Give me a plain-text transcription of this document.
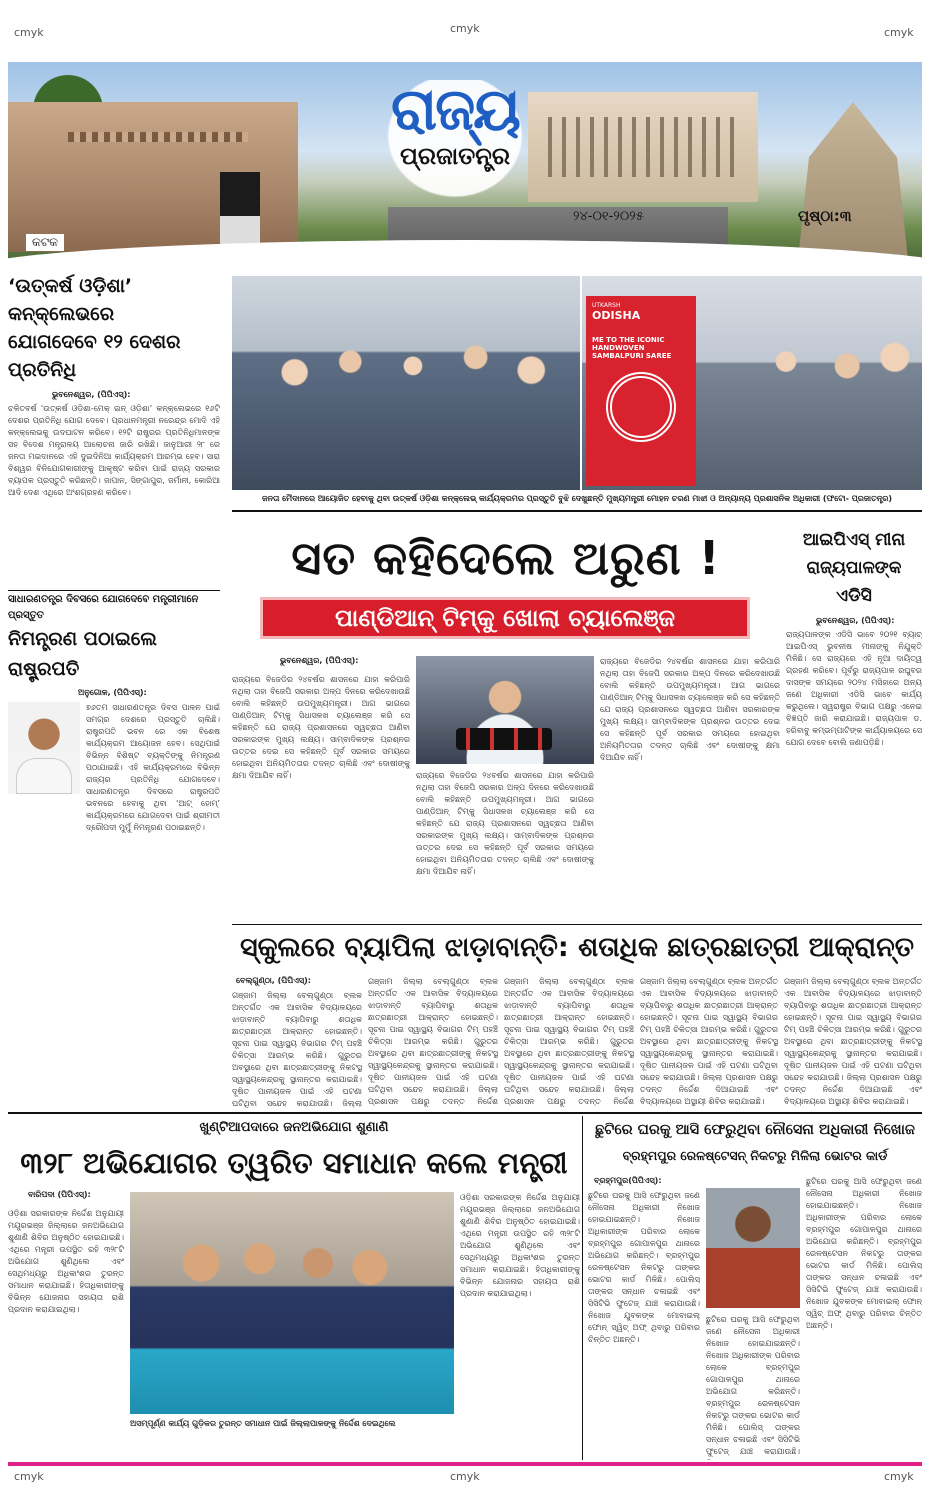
cmyk	cmyk	cmyk
cmyk	cmyk	cmyk
ରାଜ୍ୟ
ପ୍ରଜାତନ୍ତ୍ର
୨୪-୦୧-୨୦୨୫	ପୃଷ୍ଠା:୩
କଟକ
‘ଉତ୍କର୍ଷ ଓଡ଼ିଶା’ କନ୍‌କ୍ଲେଭରେ
ଯୋଗଦେବେ ୧୨ ଦେଶର ପ୍ରତିନିଧି
ଭୁବନେଶ୍ୱର, (ପିପିଏସ୍):
ଚଳିତବର୍ଷ ‘ଉତ୍କର୍ଷ ଓଡ଼ିଶା-ମେକ୍ ଇନ୍ ଓଡ଼ିଶା’ କନ୍‌କ୍ଲେଭରେ ୧୬ଟି ଦେଶର ପ୍ରତିନିଧି ଯୋଗ ଦେବେ। ପ୍ରଧାନମନ୍ତ୍ରୀ ନରେନ୍ଦ୍ର ମୋଦି ଏହି କନ୍‌କ୍ଲେଭକୁ ଉଦଘାଟନ କରିବେ। ୧୨ଟି ରାଷ୍ଟ୍ରର ପ୍ରତିନିଧିମାନଙ୍କ ସହ ବିଦେଶ ମନ୍ତ୍ରାଳୟ ଆଲୋଚନା ଜାରି ରଖିଛି। ଜାନୁଆରୀ ୨୮ ରେ ଜନତା ମଇଦାନରେ ଏହି ଦୁଇଦିନିଆ କାର୍ଯ୍ୟକ୍ରମ ଆରମ୍ଭ ହେବ। ସାରା ବିଶ୍ୱର ବିନିଯୋଗକାରୀଙ୍କୁ ଆକୃଷ୍ଟ କରିବା ପାଇଁ ରାଜ୍ୟ ସରକାର ବ୍ୟାପକ ପ୍ରସ୍ତୁତି କରିଛନ୍ତି। ଜାପାନ, ସିଙ୍ଗାପୁର, ଜର୍ମାନୀ, କୋରିଆ ଆଦି ଦେଶ ଏଥିରେ ଅଂଶଗ୍ରହଣ କରିବେ।
UTKARSH
ODISHA
ME TO THE ICONIC
HANDWOVEN
SAMBALPURI SAREE
ଜନତା ମୈଦାନରେ ଆୟୋଜିତ ହେବାକୁ ଥିବା ଉତ୍କର୍ଷ ଓଡ଼ିଶା କନ୍‌କ୍ଲେଭ୍ କାର୍ଯ୍ୟକ୍ରମର ପ୍ରସ୍ତୁତି ବୁଝି ଦେଖୁଛନ୍ତି ମୁଖ୍ୟମନ୍ତ୍ରୀ ମୋହନ ଚରଣ ମାଝୀ ଓ ଅନ୍ୟାନ୍ୟ ପ୍ରଶାସନିକ ଅଧିକାରୀ (ଫଟୋ- ପ୍ରଜାତନ୍ତ୍ର)
ସତ କହିଦେଲେ ଅରୁଣ !
ପାଣ୍ଡିଆନ୍ ଟିମ୍‌କୁ ଖୋଲା ଚ୍ୟାଲେଞ୍ଜ
ଭୁବନେଶ୍ୱର, (ପିପିଏସ୍):
ରାଜ୍ୟରେ ବିଜେଡିର ୨୪ବର୍ଷର ଶାସନରେ ଯାହା କରିପାରି ନଥିଲା ତାହା ବିଜେପି ସରକାର ଅଳ୍ପ ଦିନରେ କରିଦେଖାଉଛି ବୋଲି କହିଛନ୍ତି ଉପମୁଖ୍ୟମନ୍ତ୍ରୀ। ଆଗ ଭାଗରେ ପାଣ୍ଡିଆନ୍ ଟିମ୍‌କୁ ସିଧାସଳଖ ଚ୍ୟାଲେଞ୍ଜ କରି ସେ କହିଛନ୍ତି ଯେ ରାଜ୍ୟ ପ୍ରଶାସନରେ ସ୍ୱଚ୍ଛତା ଆଣିବା ସରକାରଙ୍କ ମୁଖ୍ୟ ଲକ୍ଷ୍ୟ। ସାମ୍ବାଦିକଙ୍କ ପ୍ରଶ୍ନର ଉତ୍ତର ଦେଇ ସେ କହିଛନ୍ତି ପୂର୍ବ ସରକାର ସମୟରେ ହୋଇଥିବା ଅନିୟମିତତାର ତଦନ୍ତ ଚାଲିଛି ଏବଂ ଦୋଷୀଙ୍କୁ କ୍ଷମା ଦିଆଯିବ ନାହିଁ।	ରାଜ୍ୟରେ ବିଜେଡିର ୨୪ବର୍ଷର ଶାସନରେ ଯାହା କରିପାରି ନଥିଲା ତାହା ବିଜେପି ସରକାର ଅଳ୍ପ ଦିନରେ କରିଦେଖାଉଛି ବୋଲି କହିଛନ୍ତି ଉପମୁଖ୍ୟମନ୍ତ୍ରୀ। ଆଗ ଭାଗରେ ପାଣ୍ଡିଆନ୍ ଟିମ୍‌କୁ ସିଧାସଳଖ ଚ୍ୟାଲେଞ୍ଜ କରି ସେ କହିଛନ୍ତି ଯେ ରାଜ୍ୟ ପ୍ରଶାସନରେ ସ୍ୱଚ୍ଛତା ଆଣିବା ସରକାରଙ୍କ ମୁଖ୍ୟ ଲକ୍ଷ୍ୟ। ସାମ୍ବାଦିକଙ୍କ ପ୍ରଶ୍ନର ଉତ୍ତର ଦେଇ ସେ କହିଛନ୍ତି ପୂର୍ବ ସରକାର ସମୟରେ ହୋଇଥିବା ଅନିୟମିତତାର ତଦନ୍ତ ଚାଲିଛି ଏବଂ ଦୋଷୀଙ୍କୁ କ୍ଷମା ଦିଆଯିବ ନାହିଁ।
ରାଜ୍ୟରେ ବିଜେଡିର ୨୪ବର୍ଷର ଶାସନରେ ଯାହା କରିପାରି ନଥିଲା ତାହା ବିଜେପି ସରକାର ଅଳ୍ପ ଦିନରେ କରିଦେଖାଉଛି ବୋଲି କହିଛନ୍ତି ଉପମୁଖ୍ୟମନ୍ତ୍ରୀ। ଆଗ ଭାଗରେ ପାଣ୍ଡିଆନ୍ ଟିମ୍‌କୁ ସିଧାସଳଖ ଚ୍ୟାଲେଞ୍ଜ କରି ସେ କହିଛନ୍ତି ଯେ ରାଜ୍ୟ ପ୍ରଶାସନରେ ସ୍ୱଚ୍ଛତା ଆଣିବା ସରକାରଙ୍କ ମୁଖ୍ୟ ଲକ୍ଷ୍ୟ। ସାମ୍ବାଦିକଙ୍କ ପ୍ରଶ୍ନର ଉତ୍ତର ଦେଇ ସେ କହିଛନ୍ତି ପୂର୍ବ ସରକାର ସମୟରେ ହୋଇଥିବା ଅନିୟମିତତାର ତଦନ୍ତ ଚାଲିଛି ଏବଂ ଦୋଷୀଙ୍କୁ କ୍ଷମା ଦିଆଯିବ ନାହିଁ।
ଆଇପିଏସ୍ ମୀନା
ରାଜ୍ୟପାଳଙ୍କ ଏଡିସି
ଭୁବନେଶ୍ୱର, (ପିପିଏସ୍):
ରାଜ୍ୟପାଳଙ୍କ ଏଡିସି ଭାବେ ୨୦୨୧ ବ୍ୟାଚ୍ ଆଇପିଏସ୍ ଭୁବନୀଷ ମୀନାଙ୍କୁ ନିଯୁକ୍ତି ମିଳିଛି। ସେ ରାଜ୍ୟରେ ଏହି ନୂଆ ଦାୟିତ୍ୱ ଗ୍ରହଣ କରିବେ। ପୂର୍ବରୁ ରାଜ୍ୟପାଳ ରଘୁବର ଦାସଙ୍କ ସମୟରେ ୨୦୨୪ ମସିହାରେ ଅନ୍ୟ ଜଣେ ଅଧିକାରୀ ଏଡିସି ଭାବେ କାର୍ଯ୍ୟ କରୁଥିଲେ। ସ୍ୱରାଷ୍ଟ୍ର ବିଭାଗ ପକ୍ଷରୁ ଏନେଇ ବିଜ୍ଞପ୍ତି ଜାରି କରାଯାଇଛି। ରାଜ୍ୟପାଳ ଡ. ହରିବାବୁ କମ୍ଭମ୍ପାଟିଙ୍କ କାର୍ଯ୍ୟାଳୟରେ ସେ ଯୋଗ ଦେବେ ବୋଲି ଜଣାପଡ଼ିଛି।
ସାଧାରଣତନ୍ତ୍ର ଦିବସରେ ଯୋଗଦେବେ ମନ୍ତ୍ରୀମାନେ ପ୍ରସ୍ତୁତ
ନିମନ୍ତ୍ରଣ ପଠାଇଲେ ରାଷ୍ଟ୍ରପତି
ଅନୁଗୋଳ, (ପିପିଏସ୍):
୭୬ତମ ସାଧାରଣତନ୍ତ୍ର ଦିବସ ପାଳନ ପାଇଁ ସମଗ୍ର ଦେଶରେ ପ୍ରସ୍ତୁତି ଚାଲିଛି। ରାଷ୍ଟ୍ରପତି ଭବନ ରେ ଏକ ବିଶେଷ କାର୍ଯ୍ୟକ୍ରମ ଆୟୋଜନ ହେବ। ସେଥିପାଇଁ ବିଭିନ୍ନ ବିଶିଷ୍ଟ ବ୍ୟକ୍ତିଙ୍କୁ ନିମନ୍ତ୍ରଣ ପଠାଯାଇଛି। ଏହି କାର୍ଯ୍ୟକ୍ରମରେ ବିଭିନ୍ନ ରାଜ୍ୟର ପ୍ରତିନିଧି ଯୋଗଦେବେ। ସାଧାରଣତନ୍ତ୍ର ଦିବସରେ ରାଷ୍ଟ୍ରପତି ଭବନରେ ହେବାକୁ ଥିବା ‘ଆଟ୍ ହୋମ୍’ କାର୍ଯ୍ୟକ୍ରମରେ ଯୋଗଦେବା ପାଇଁ ଶ୍ରୀମତୀ ଦ୍ରୌପଦୀ ମୁର୍ମୁ ନିମନ୍ତ୍ରଣ ପଠାଇଛନ୍ତି।
ସ୍କୁଲରେ ବ୍ୟାପିଲା ଝାଡ଼ାବାନ୍ତି: ଶତାଧିକ ଛାତ୍ରଛାତ୍ରୀ ଆକ୍ରାନ୍ତ
ବେଲ୍ଗୁଣ୍ଠା, (ପିପିଏସ୍):
ଗଞ୍ଜାମ ଜିଲ୍ଲା ବେଲ୍ଗୁଣ୍ଠା ବ୍ଲକ ଅନ୍ତର୍ଗତ ଏକ ଆବାସିକ ବିଦ୍ୟାଳୟରେ ଝାଡ଼ାବାନ୍ତି ବ୍ୟାପିବାରୁ ଶତାଧିକ ଛାତ୍ରଛାତ୍ରୀ ଆକ୍ରାନ୍ତ ହୋଇଛନ୍ତି। ସୂଚନା ପାଇ ସ୍ୱାସ୍ଥ୍ୟ ବିଭାଗର ଟିମ୍ ପହଞ୍ଚି ଚିକିତ୍ସା ଆରମ୍ଭ କରିଛି। ଗୁରୁତର ଅବସ୍ଥାରେ ଥିବା ଛାତ୍ରଛାତ୍ରୀଙ୍କୁ ନିକଟସ୍ଥ ସ୍ୱାସ୍ଥ୍ୟକେନ୍ଦ୍ରକୁ ସ୍ଥାନାନ୍ତର କରାଯାଇଛି। ଦୂଷିତ ପାନୀୟଜଳ ପାଇଁ ଏହି ଘଟଣା ଘଟିଥିବା ସନ୍ଦେହ କରାଯାଉଛି। ଜିଲ୍ଲା
ଗଞ୍ଜାମ ଜିଲ୍ଲା ବେଲ୍ଗୁଣ୍ଠା ବ୍ଲକ ଅନ୍ତର୍ଗତ ଏକ ଆବାସିକ ବିଦ୍ୟାଳୟରେ ଝାଡ଼ାବାନ୍ତି ବ୍ୟାପିବାରୁ ଶତାଧିକ ଛାତ୍ରଛାତ୍ରୀ ଆକ୍ରାନ୍ତ ହୋଇଛନ୍ତି। ସୂଚନା ପାଇ ସ୍ୱାସ୍ଥ୍ୟ ବିଭାଗର ଟିମ୍ ପହଞ୍ଚି ଚିକିତ୍ସା ଆରମ୍ଭ କରିଛି। ଗୁରୁତର ଅବସ୍ଥାରେ ଥିବା ଛାତ୍ରଛାତ୍ରୀଙ୍କୁ ନିକଟସ୍ଥ ସ୍ୱାସ୍ଥ୍ୟକେନ୍ଦ୍ରକୁ ସ୍ଥାନାନ୍ତର କରାଯାଇଛି। ଦୂଷିତ ପାନୀୟଜଳ ପାଇଁ ଏହି ଘଟଣା ଘଟିଥିବା ସନ୍ଦେହ କରାଯାଉଛି। ଜିଲ୍ଲା ପ୍ରଶାସନ ପକ୍ଷରୁ ତଦନ୍ତ ନିର୍ଦ୍ଦେଶ
ଗଞ୍ଜାମ ଜିଲ୍ଲା ବେଲ୍ଗୁଣ୍ଠା ବ୍ଲକ ଅନ୍ତର୍ଗତ ଏକ ଆବାସିକ ବିଦ୍ୟାଳୟରେ ଝାଡ଼ାବାନ୍ତି ବ୍ୟାପିବାରୁ ଶତାଧିକ ଛାତ୍ରଛାତ୍ରୀ ଆକ୍ରାନ୍ତ ହୋଇଛନ୍ତି। ସୂଚନା ପାଇ ସ୍ୱାସ୍ଥ୍ୟ ବିଭାଗର ଟିମ୍ ପହଞ୍ଚି ଚିକିତ୍ସା ଆରମ୍ଭ କରିଛି। ଗୁରୁତର ଅବସ୍ଥାରେ ଥିବା ଛାତ୍ରଛାତ୍ରୀଙ୍କୁ ନିକଟସ୍ଥ ସ୍ୱାସ୍ଥ୍ୟକେନ୍ଦ୍ରକୁ ସ୍ଥାନାନ୍ତର କରାଯାଇଛି। ଦୂଷିତ ପାନୀୟଜଳ ପାଇଁ ଏହି ଘଟଣା ଘଟିଥିବା ସନ୍ଦେହ କରାଯାଉଛି। ଜିଲ୍ଲା ପ୍ରଶାସନ ପକ୍ଷରୁ ତଦନ୍ତ ନିର୍ଦ୍ଦେଶ
ଗଞ୍ଜାମ ଜିଲ୍ଲା ବେଲ୍ଗୁଣ୍ଠା ବ୍ଲକ ଅନ୍ତର୍ଗତ ଏକ ଆବାସିକ ବିଦ୍ୟାଳୟରେ ଝାଡ଼ାବାନ୍ତି ବ୍ୟାପିବାରୁ ଶତାଧିକ ଛାତ୍ରଛାତ୍ରୀ ଆକ୍ରାନ୍ତ ହୋଇଛନ୍ତି। ସୂଚନା ପାଇ ସ୍ୱାସ୍ଥ୍ୟ ବିଭାଗର ଟିମ୍ ପହଞ୍ଚି ଚିକିତ୍ସା ଆରମ୍ଭ କରିଛି। ଗୁରୁତର ଅବସ୍ଥାରେ ଥିବା ଛାତ୍ରଛାତ୍ରୀଙ୍କୁ ନିକଟସ୍ଥ ସ୍ୱାସ୍ଥ୍ୟକେନ୍ଦ୍ରକୁ ସ୍ଥାନାନ୍ତର କରାଯାଇଛି। ଦୂଷିତ ପାନୀୟଜଳ ପାଇଁ ଏହି ଘଟଣା ଘଟିଥିବା ସନ୍ଦେହ କରାଯାଉଛି। ଜିଲ୍ଲା ପ୍ରଶାସନ ପକ୍ଷରୁ ତଦନ୍ତ ନିର୍ଦ୍ଦେଶ ଦିଆଯାଇଛି ଏବଂ ବିଦ୍ୟାଳୟରେ ଅସ୍ଥାୟୀ ଶିବିର କରାଯାଇଛି।
ଗଞ୍ଜାମ ଜିଲ୍ଲା ବେଲ୍ଗୁଣ୍ଠା ବ୍ଲକ ଅନ୍ତର୍ଗତ ଏକ ଆବାସିକ ବିଦ୍ୟାଳୟରେ ଝାଡ଼ାବାନ୍ତି ବ୍ୟାପିବାରୁ ଶତାଧିକ ଛାତ୍ରଛାତ୍ରୀ ଆକ୍ରାନ୍ତ ହୋଇଛନ୍ତି। ସୂଚନା ପାଇ ସ୍ୱାସ୍ଥ୍ୟ ବିଭାଗର ଟିମ୍ ପହଞ୍ଚି ଚିକିତ୍ସା ଆରମ୍ଭ କରିଛି। ଗୁରୁତର ଅବସ୍ଥାରେ ଥିବା ଛାତ୍ରଛାତ୍ରୀଙ୍କୁ ନିକଟସ୍ଥ ସ୍ୱାସ୍ଥ୍ୟକେନ୍ଦ୍ରକୁ ସ୍ଥାନାନ୍ତର କରାଯାଇଛି। ଦୂଷିତ ପାନୀୟଜଳ ପାଇଁ ଏହି ଘଟଣା ଘଟିଥିବା ସନ୍ଦେହ କରାଯାଉଛି। ଜିଲ୍ଲା ପ୍ରଶାସନ ପକ୍ଷରୁ ତଦନ୍ତ ନିର୍ଦ୍ଦେଶ ଦିଆଯାଇଛି ଏବଂ ବିଦ୍ୟାଳୟରେ ଅସ୍ଥାୟୀ ଶିବିର କରାଯାଇଛି।
ଖୁଣ୍ଟିଆପଦାରେ ଜନଅଭିଯୋଗ ଶୁଣାଣି
୩୨୮ ଅଭିଯୋଗର ତ୍ୱରିତ ସମାଧାନ କଲେ ମନ୍ତ୍ରୀ
ବାରିପଦା (ପିପିଏସ୍):
ଓଡ଼ିଶା ସରକାରଙ୍କ ନିର୍ଦ୍ଦେଶ ଅନୁଯାୟୀ ମୟୂରଭଞ୍ଜ ଜିଲ୍ଲାରେ ଜନଅଭିଯୋଗ ଶୁଣାଣି ଶିବିର ଅନୁଷ୍ଠିତ ହୋଇଯାଇଛି। ଏଥିରେ ମନ୍ତ୍ରୀ ଉପସ୍ଥିତ ରହି ୩୨୮ଟି ଅଭିଯୋଗ ଶୁଣିଥିଲେ ଏବଂ ସେଥିମଧ୍ୟରୁ ଅଧିକାଂଶର ତୁରନ୍ତ ସମାଧାନ କରାଯାଇଛି। ହିତାଧିକାରୀଙ୍କୁ ବିଭିନ୍ନ ଯୋଜନାର ସହାୟତା ରାଶି ପ୍ରଦାନ କରାଯାଇଥିଲା।
ଅସମ୍ପୂର୍ଣ୍ଣ କାର୍ଯ୍ୟ ଗୁଡ଼ିକର ତୁରନ୍ତ ସମାଧାନ ପାଇଁ ଜିଲ୍ଲାପାଳଙ୍କୁ ନିର୍ଦ୍ଦେଶ ଦେଇଥିଲେ
ଓଡ଼ିଶା ସରକାରଙ୍କ ନିର୍ଦ୍ଦେଶ ଅନୁଯାୟୀ ମୟୂରଭଞ୍ଜ ଜିଲ୍ଲାରେ ଜନଅଭିଯୋଗ ଶୁଣାଣି ଶିବିର ଅନୁଷ୍ଠିତ ହୋଇଯାଇଛି। ଏଥିରେ ମନ୍ତ୍ରୀ ଉପସ୍ଥିତ ରହି ୩୨୮ଟି ଅଭିଯୋଗ ଶୁଣିଥିଲେ ଏବଂ ସେଥିମଧ୍ୟରୁ ଅଧିକାଂଶର ତୁରନ୍ତ ସମାଧାନ କରାଯାଇଛି। ହିତାଧିକାରୀଙ୍କୁ ବିଭିନ୍ନ ଯୋଜନାର ସହାୟତା ରାଶି ପ୍ରଦାନ କରାଯାଇଥିଲା।
ଛୁଟିରେ ଘରକୁ ଆସି ଫେରୁଥିବା ନୌସେନା ଅଧିକାରୀ ନିଖୋଜ
ବ୍ରହ୍ମପୁର ରେଳଷ୍ଟେସନ୍ ନିକଟରୁ ମିଳିଲା ଭୋଟର କାର୍ଡ
ବ୍ରହ୍ମପୁର(ପିପିଏସ୍):
ଛୁଟିରେ ଘରକୁ ଆସି ଫେରୁଥିବା ଜଣେ ନୌସେନା ଅଧିକାରୀ ନିଖୋଜ ହୋଇଯାଇଛନ୍ତି। ନିଖୋଜ ଅଧିକାରୀଙ୍କ ପରିବାର ଲୋକେ ବ୍ରହ୍ମପୁର ଗୋପାଳପୁର ଥାନାରେ ଅଭିଯୋଗ କରିଛନ୍ତି। ବ୍ରହ୍ମପୁର ରେଳଷ୍ଟେସନ ନିକଟରୁ ତାଙ୍କର ଭୋଟର କାର୍ଡ ମିଳିଛି। ପୋଲିସ୍ ତାଙ୍କର ସନ୍ଧାନ ଚଳାଇଛି ଏବଂ ସିସିଟିଭି ଫୁଟେଜ୍ ଯାଞ୍ଚ କରାଯାଉଛି। ନିଖୋଜ ଯୁବକଙ୍କ ମୋବାଇଲ୍ ଫୋନ୍ ସ୍ୱିଚ୍ ଅଫ୍ ଥିବାରୁ ପରିବାର ଚିନ୍ତିତ ଅଛନ୍ତି।
ଛୁଟିରେ ଘରକୁ ଆସି ଫେରୁଥିବା ଜଣେ ନୌସେନା ଅଧିକାରୀ ନିଖୋଜ ହୋଇଯାଇଛନ୍ତି। ନିଖୋଜ ଅଧିକାରୀଙ୍କ ପରିବାର ଲୋକେ ବ୍ରହ୍ମପୁର ଗୋପାଳପୁର ଥାନାରେ ଅଭିଯୋଗ କରିଛନ୍ତି। ବ୍ରହ୍ମପୁର ରେଳଷ୍ଟେସନ ନିକଟରୁ ତାଙ୍କର ଭୋଟର କାର୍ଡ ମିଳିଛି। ପୋଲିସ୍ ତାଙ୍କର ସନ୍ଧାନ ଚଳାଇଛି ଏବଂ ସିସିଟିଭି ଫୁଟେଜ୍ ଯାଞ୍ଚ କରାଯାଉଛି।
ଛୁଟିରେ ଘରକୁ ଆସି ଫେରୁଥିବା ଜଣେ ନୌସେନା ଅଧିକାରୀ ନିଖୋଜ ହୋଇଯାଇଛନ୍ତି। ନିଖୋଜ ଅଧିକାରୀଙ୍କ ପରିବାର ଲୋକେ ବ୍ରହ୍ମପୁର ଗୋପାଳପୁର ଥାନାରେ ଅଭିଯୋଗ କରିଛନ୍ତି। ବ୍ରହ୍ମପୁର ରେଳଷ୍ଟେସନ ନିକଟରୁ ତାଙ୍କର ଭୋଟର କାର୍ଡ ମିଳିଛି। ପୋଲିସ୍ ତାଙ୍କର ସନ୍ଧାନ ଚଳାଇଛି ଏବଂ ସିସିଟିଭି ଫୁଟେଜ୍ ଯାଞ୍ଚ କରାଯାଉଛି। ନିଖୋଜ ଯୁବକଙ୍କ ମୋବାଇଲ୍ ଫୋନ୍ ସ୍ୱିଚ୍ ଅଫ୍ ଥିବାରୁ ପରିବାର ଚିନ୍ତିତ ଅଛନ୍ତି।
